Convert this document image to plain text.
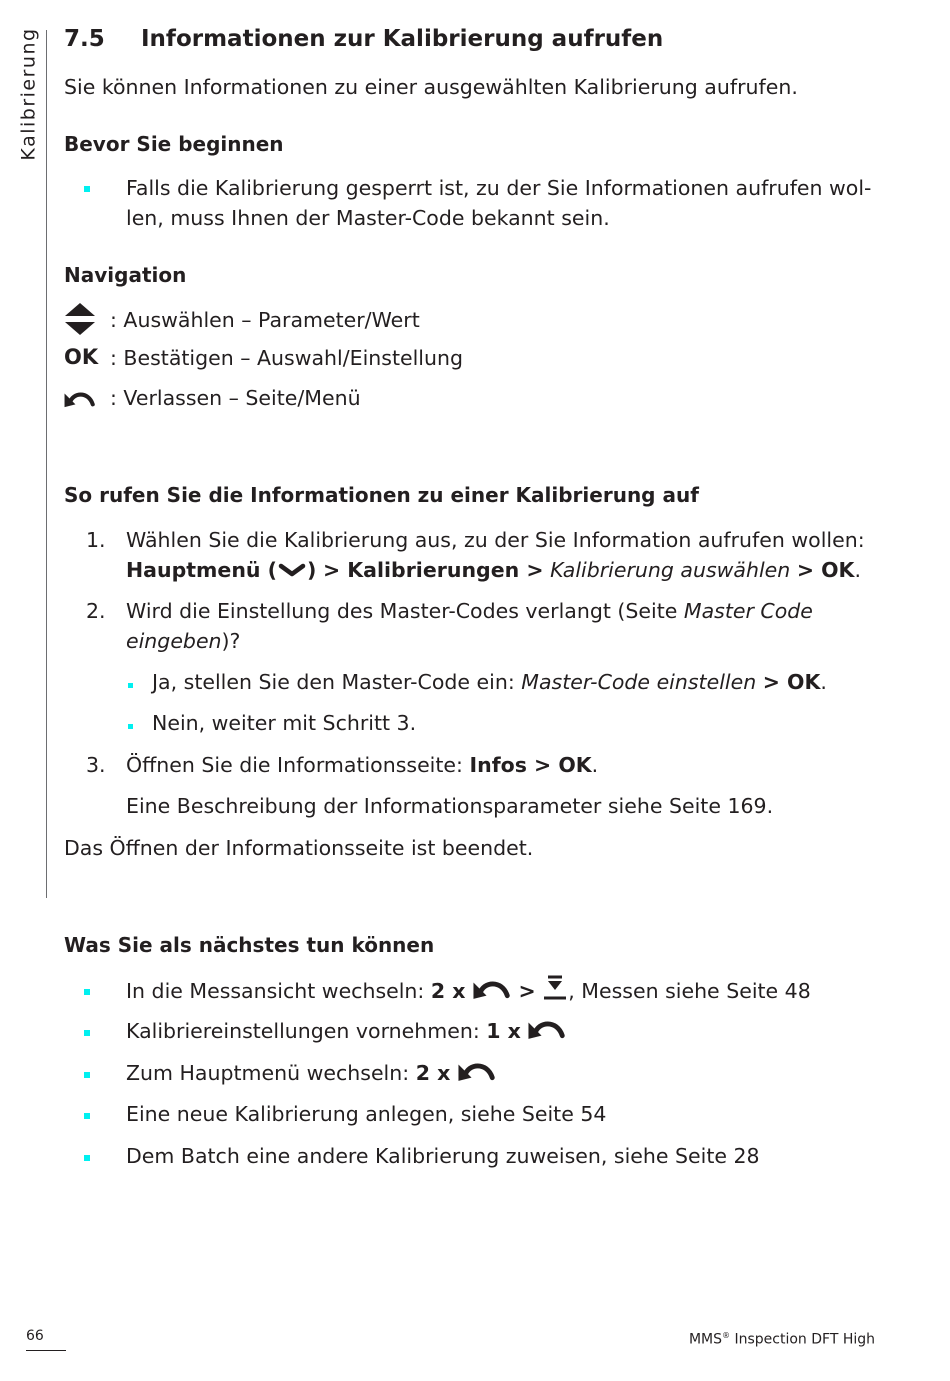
Kalibrierung 7.5 Informationen zur Kalibrierung aufrufen
Sie können Informationen zu einer ausgewählten Kalibrierung aufrufen.
Bevor Sie beginnen
Falls die Kalibrierung gesperrt ist, zu der Sie Informationen aufrufen wol-
len, muss Ihnen der Master-Code bekannt sein.
Navigation
: Auswählen – Parameter/Wert
OK : Bestätigen – Auswahl/Einstellung
: Verlassen – Seite/Menü
So rufen Sie die Informationen zu einer Kalibrierung auf
1. Wählen Sie die Kalibrierung aus, zu der Sie Information aufrufen wollen:
Hauptmenü ( ) > Kalibrierungen > Kalibrierung auswählen > OK.
2. Wird die Einstellung des Master-Codes verlangt (Seite Master Code
eingeben)?
Ja, stellen Sie den Master-Code ein: Master-Code einstellen > OK.
Nein, weiter mit Schritt 3.
3. Öffnen Sie die Informationsseite: Infos > OK.
Eine Beschreibung der Informationsparameter siehe Seite 169.
Das Öffnen der Informationsseite ist beendet.
Was Sie als nächstes tun können
In die Messansicht wechseln: 2 x	> , Messen siehe Seite 48
Kalibriereinstellungen vornehmen: 1 x
Zum Hauptmenü wechseln: 2 x
Eine neue Kalibrierung anlegen, siehe Seite 54
Dem Batch eine andere Kalibrierung zuweisen, siehe Seite 28
66	MMS® Inspection DFT High
